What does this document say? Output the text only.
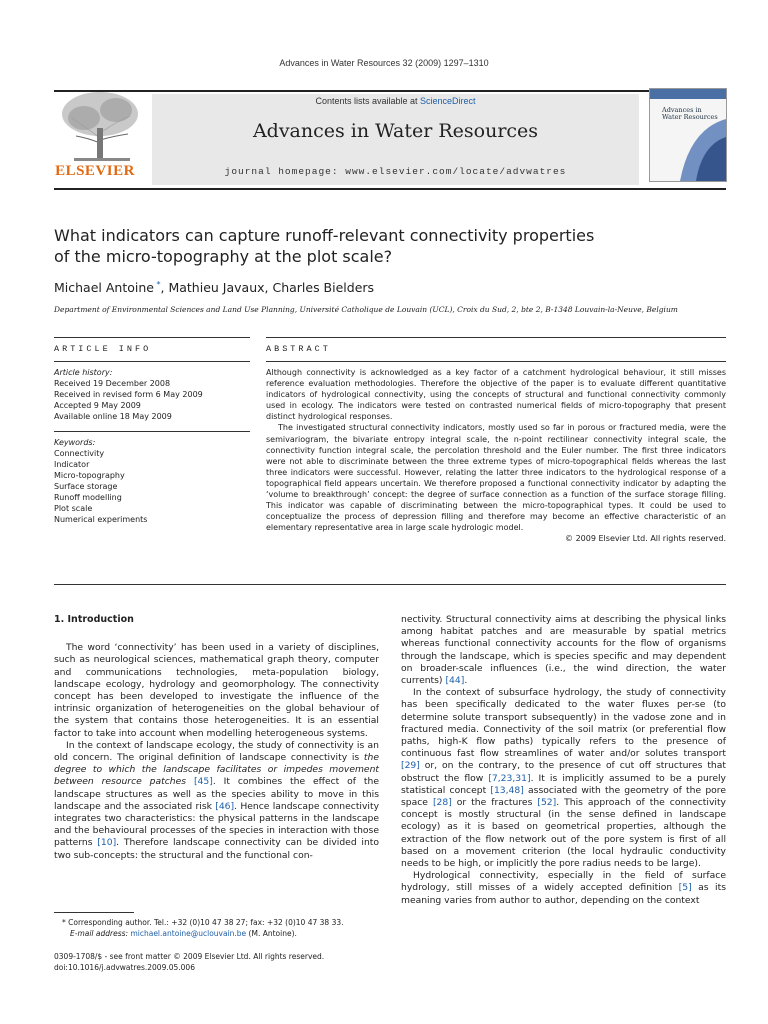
Advances in Water Resources 32 (2009) 1297–1310
ELSEVIER
Contents lists available at ScienceDirect
Advances in Water Resources
journal homepage: www.elsevier.com/locate/advwatres
Advances in Water Resources
What indicators can capture runoff-relevant connectivity properties
of the micro-topography at the plot scale?
Michael Antoine *, Mathieu Javaux, Charles Bielders
Department of Environmental Sciences and Land Use Planning, Université Catholique de Louvain (UCL), Croix du Sud, 2, bte 2, B-1348 Louvain-la-Neuve, Belgium
ARTICLE INFO
Article history:
Received 19 December 2008
Received in revised form 6 May 2009
Accepted 9 May 2009
Available online 18 May 2009
Keywords:
Connectivity
Indicator
Micro-topography
Surface storage
Runoff modelling
Plot scale
Numerical experiments
ABSTRACT

Although connectivity is acknowledged as a key factor of a catchment hydrological behaviour, it still misses reference evaluation methodologies. Therefore the objective of the paper is to evaluate different quantitative indicators of hydrological connectivity, using the concepts of structural and functional connectivity commonly used in ecology. The indicators were tested on contrasted numerical fields of micro-topography that present distinct hydrological responses.

The investigated structural connectivity indicators, mostly used so far in porous or fractured media, were the semivariogram, the bivariate entropy integral scale, the n-point rectilinear connectivity integral scale, the connectivity function integral scale, the percolation threshold and the Euler number. The first three indicators were not able to discriminate between the three extreme types of micro-topographical fields whereas the last three indicators were successful. However, relating the latter three indicators to the hydrological response of a topographical field appears uncertain. We therefore proposed a functional connectivity indicator by adapting the ‘volume to breakthrough’ concept: the degree of surface connection as a function of the surface storage filling. This indicator was capable of discriminating between the micro-topographical types. It could be used to conceptualize the process of depression filling and therefore may become an effective characteristic of an elementary representative area in large scale hydrologic model.

© 2009 Elsevier Ltd. All rights reserved.

1. Introduction

The word ‘connectivity’ has been used in a variety of disciplines, such as neurological sciences, mathematical graph theory, computer and communications technologies, meta-population biology, landscape ecology, hydrology and geomorphology. The connectivity concept has been developed to investigate the influence of the intrinsic organization of heterogeneities on the global behaviour of the system that contains those heterogeneities. It is an essential factor to take into account when modelling heterogeneous systems.

In the context of landscape ecology, the study of connectivity is an old concern. The original definition of landscape connectivity is the degree to which the landscape facilitates or impedes movement between resource patches [45]. It combines the effect of the landscape structures as well as the species ability to move in this landscape and the associated risk [46]. Hence landscape connectivity integrates two characteristics: the physical patterns in the landscape and the behavioural processes of the species in interaction with those patterns [10]. Therefore landscape connectivity can be divided into two sub-concepts: the structural and the functional con-

nectivity. Structural connectivity aims at describing the physical links among habitat patches and are measurable by spatial metrics whereas functional connectivity accounts for the flow of organisms through the landscape, which is species specific and may dependent on broader-scale influences (i.e., the wind direction, the water currents) [44].

In the context of subsurface hydrology, the study of connectivity has been specifically dedicated to the water fluxes per-se (to determine solute transport subsequently) in the vadose zone and in fractured media. Connectivity of the soil matrix (or preferential flow paths, high-K flow paths) typically refers to the presence of continuous fast flow streamlines of water and/or solutes transport [29] or, on the contrary, to the presence of cut off structures that obstruct the flow [7,23,31]. It is implicitly assumed to be a purely statistical concept [13,48] associated with the geometry of the pore space [28] or the fractures [52]. This approach of the connectivity concept is mostly structural (in the sense defined in landscape ecology) as it is based on geometrical properties, although the extraction of the flow network out of the pore system is first of all based on a movement criterion (the local hydraulic conductivity needs to be high, or implicitly the pore radius needs to be large).

Hydrological connectivity, especially in the field of surface hydrology, still misses of a widely accepted definition [5] as its meaning varies from author to author, depending on the context

* Corresponding author. Tel.: +32 (0)10 47 38 27; fax: +32 (0)10 47 38 33.
E-mail address: michael.antoine@uclouvain.be (M. Antoine).
0309-1708/$ - see front matter © 2009 Elsevier Ltd. All rights reserved.
doi:10.1016/j.advwatres.2009.05.006
